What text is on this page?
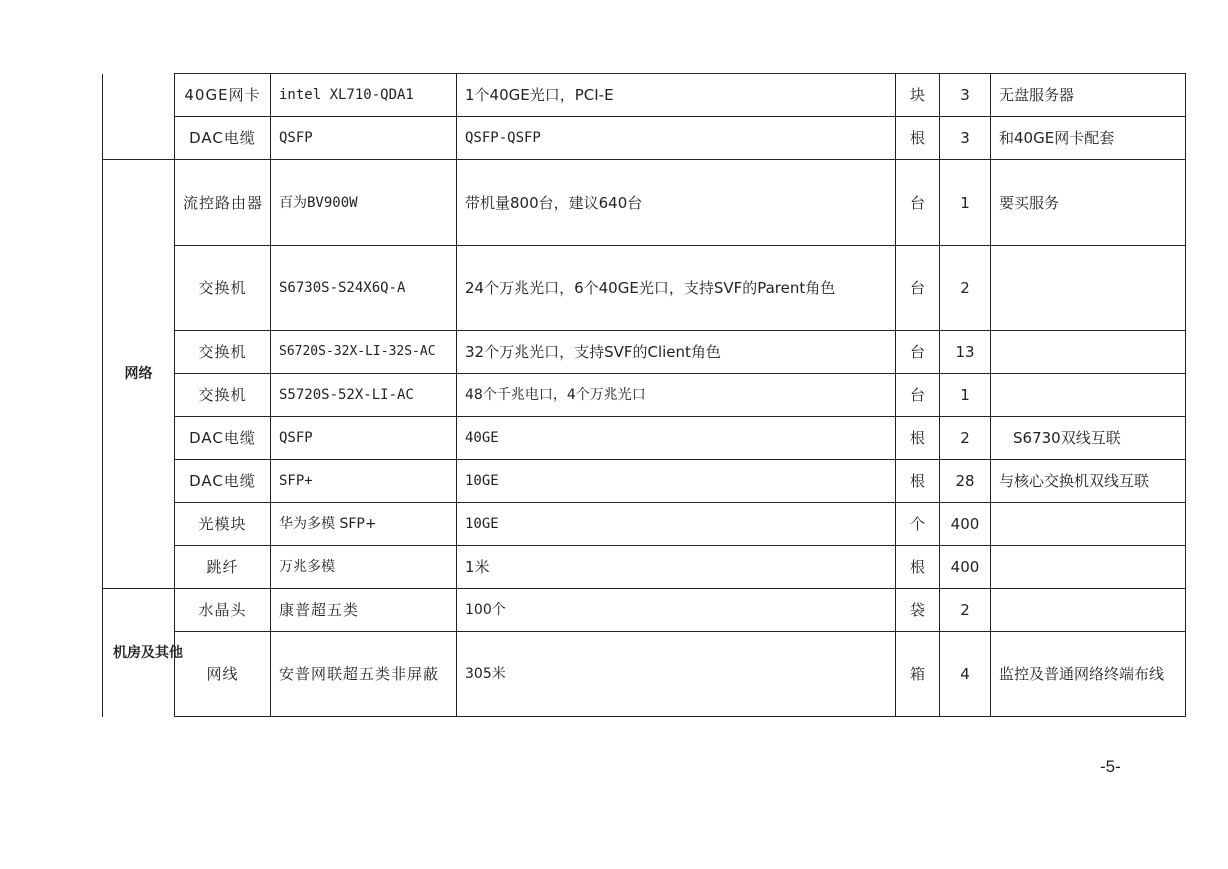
	40GE网卡	intel XL710-QDA1	1个40GE光口，PCI-E	块	3	无盘服务器
	DAC电缆	QSFP	QSFP-QSFP	根	3	和40GE网卡配套
网络	流控路由器	百为BV900W	带机量800台，建议640台	台	1	要买服务
	交换机	S6730S-S24X6Q-A	24个万兆光口，6个40GE光口，支持SVF的Parent角色	台	2	
	交换机	S6720S-32X-LI-32S-AC	32个万兆光口，支持SVF的Client角色	台	13	
	交换机	S5720S-52X-LI-AC	48个千兆电口，4个万兆光口	台	1	
	DAC电缆	QSFP	40GE	根	2	S6730双线互联
	DAC电缆	SFP+	10GE	根	28	与核心交换机双线互联
	光模块	华为多模 SFP+	10GE	个	400	
	跳纤	万兆多模	1米	根	400	
机房及其他	水晶头	康普超五类	100个	袋	2	
	网线	安普网联超五类非屏蔽	305米	箱	4	监控及普通网络终端布线
-5-
